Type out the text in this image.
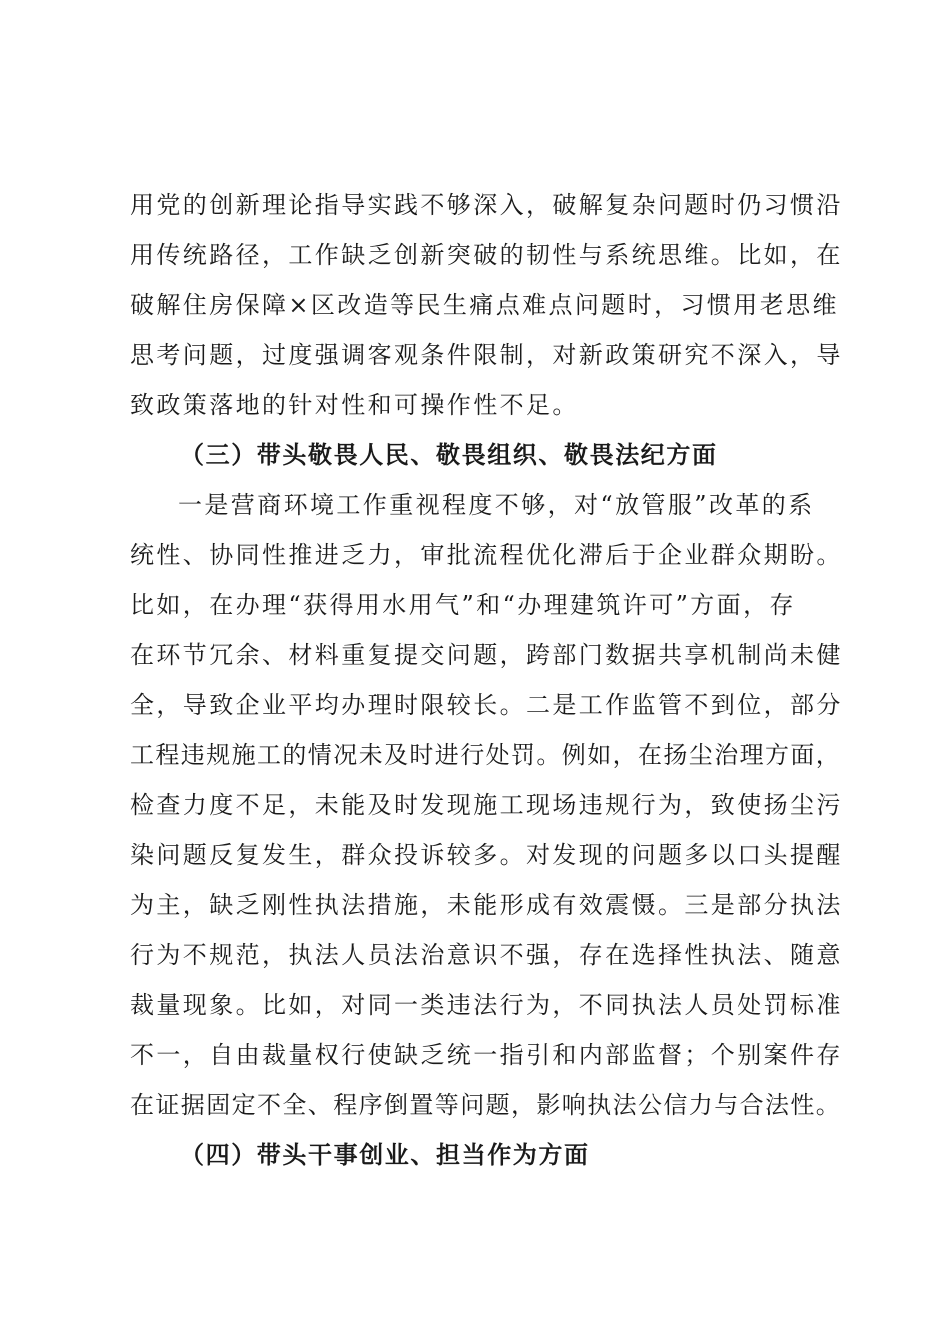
用党的创新理论指导实践不够深入，破解复杂问题时仍习惯沿
用传统路径，工作缺乏创新突破的韧性与系统思维。比如，在
破解住房保障×区改造等民生痛点难点问题时，习惯用老思维
思考问题，过度强调客观条件限制，对新政策研究不深入，导
致政策落地的针对性和可操作性不足。
（三）带头敬畏人民、敬畏组织、敬畏法纪方面
一是营商环境工作重视程度不够，对“放管服”改革的系
统性、协同性推进乏力，审批流程优化滞后于企业群众期盼。
比如，在办理“获得用水用气”和“办理建筑许可”方面，存
在环节冗余、材料重复提交问题，跨部门数据共享机制尚未健
全，导致企业平均办理时限较长。二是工作监管不到位，部分
工程违规施工的情况未及时进行处罚。例如，在扬尘治理方面，
检查力度不足，未能及时发现施工现场违规行为，致使扬尘污
染问题反复发生，群众投诉较多。对发现的问题多以口头提醒
为主，缺乏刚性执法措施，未能形成有效震慑。三是部分执法
行为不规范，执法人员法治意识不强，存在选择性执法、随意
裁量现象。比如，对同一类违法行为，不同执法人员处罚标准
不一，自由裁量权行使缺乏统一指引和内部监督；个别案件存
在证据固定不全、程序倒置等问题，影响执法公信力与合法性。
（四）带头干事创业、担当作为方面
